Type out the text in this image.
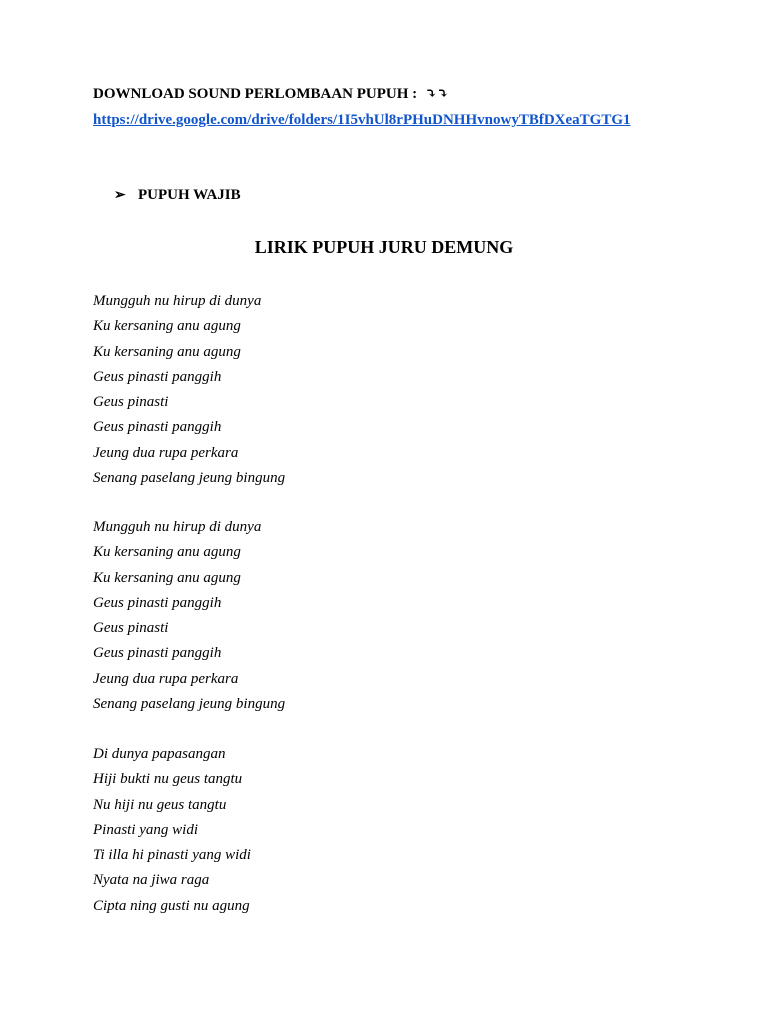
DOWNLOAD SOUND PERLOMBAAN PUPUH : ⤵⤵
https://drive.google.com/drive/folders/1I5vhUl8rPHuDNHHvnowyTBfDXeaTGTG1
➢ PUPUH WAJIB
LIRIK PUPUH JURU DEMUNG
Mungguh nu hirup di dunya
Ku kersaning anu agung
Ku kersaning anu agung
Geus pinasti panggih
Geus pinasti
Geus pinasti panggih
Jeung dua rupa perkara
Senang paselang jeung bingung
Mungguh nu hirup di dunya
Ku kersaning anu agung
Ku kersaning anu agung
Geus pinasti panggih
Geus pinasti
Geus pinasti panggih
Jeung dua rupa perkara
Senang paselang jeung bingung
Di dunya papasangan
Hiji bukti nu geus tangtu
Nu hiji nu geus tangtu
Pinasti yang widi
Ti illa hi pinasti yang widi
Nyata na jiwa raga
Cipta ning gusti nu agung
